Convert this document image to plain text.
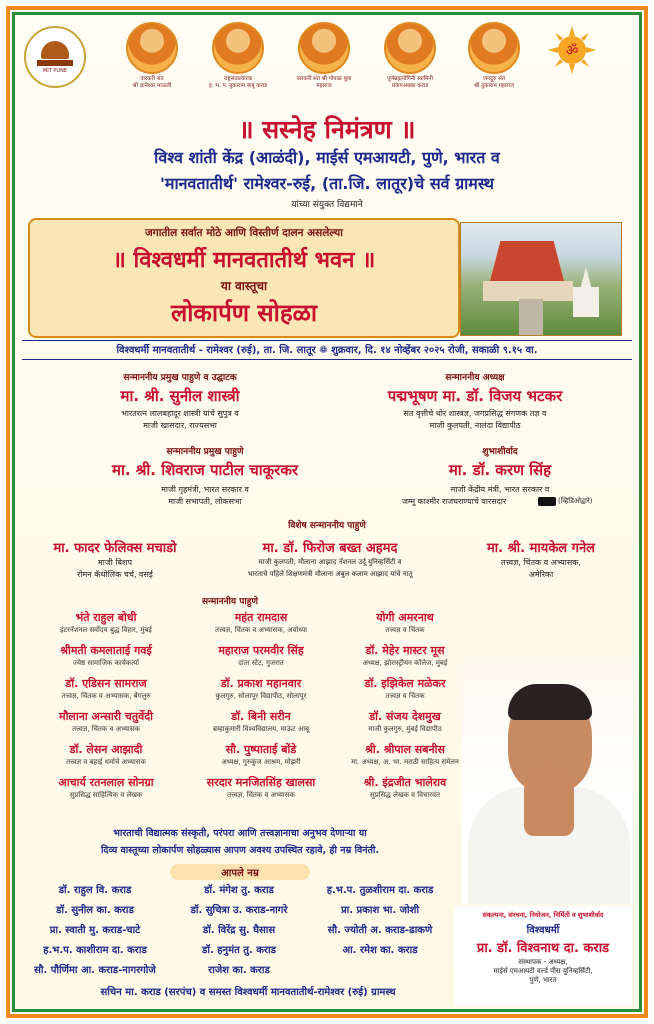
MIT PUNE
वारकरी संत
श्री ज्ञानेश्वर माऊली
राष्ट्रसंतप्रचारक
ह. भ. प. तुकाराम बाबू कराड
वारकरी संत श्री गोपाळ बुवा
महाराज
पूर्णब्रह्मयोगिनी स्वामिनी
प्रयागअक्का कराड
जगद्गुरु संत
श्री तुकाराम महाराज
ॐ
॥ सस्नेह निमंत्रण ॥
विश्व शांती केंद्र (आळंदी), माईर्स एमआयटी, पुणे, भारत व
'मानवतातीर्थ' रामेश्वर-रुई, (ता.जि. लातूर)चे सर्व ग्रामस्थ
यांच्या संयुक्त विद्यमाने
जगातील सर्वात मोठे आणि विस्तीर्ण दालन असलेल्या
॥ विश्वधर्मी मानवतातीर्थ भवन ॥
या वास्तूचा
लोकार्पण सोहळा
विश्वधर्मी मानवतातीर्थ - रामेश्वर (रुई), ता. जि. लातूर ❁ शुक्रवार, दि. १४ नोव्हेंबर २०२५ रोजी, सकाळी ९.१५ वा.
सन्माननीय प्रमुख पाहुणे व उद्घाटक
मा. श्री. सुनील शास्त्री
भारतरत्न लालबहादूर शास्त्री यांचे सुपुत्र व
माजी खासदार, राज्यसभा
सन्माननीय अध्यक्ष
पद्मभूषण मा. डॉ. विजय भटकर
संत वृत्तीचे थोर शास्त्रज्ञ, जगप्रसिद्ध संगणक तज्ञ व
माजी कुलपती, नालंदा विद्यापीठ
सन्माननीय प्रमुख पाहुणे
मा. श्री. शिवराज पाटील चाकूरकर
माजी गृहमंत्री, भारत सरकार व
माजी सभापती, लोकसभा
शुभाशीर्वाद
मा. डॉ. करण सिंह
माजी केंद्रीय मंत्री, भारत सरकार व
जम्मू काश्मीर राजघराण्याचे वारसदार	(व्हिडिओद्वारे)
विशेष सन्माननीय पाहुणे
मा. फादर फेलिक्स मचाडो
माजी बिशप
रोमन कॅथोलिक चर्च, वसई
मा. डॉ. फिरोज बख्त अहमद
माजी कुलपती, मौलाना आझाद नॅशनल उर्दू युनिव्हर्सिटी व
भारताचे पहिले शिक्षणमंत्री मौलाना अबुल कलाम आझाद यांचे नातू
मा. श्री. मायकेल गनेल
तत्त्वज्ञ, चिंतक व अभ्यासक,
अमेरिका
सन्माननीय पाहुणे
भंते राहुल बोधी
इंटरनॅशनल सर्वोदय बुद्ध विहार, मुंबई
महंत रामदास
तत्त्वज्ञ, चिंतक व अभ्यासक, अयोध्या
योगी अमरनाथ
तत्त्वज्ञ व चिंतक
श्रीमती कमलाताई गवई
ज्येष्ठ सामाजिक कार्यकर्त्या
महाराज परमवीर सिंह
दांता स्टेट, गुजरात
डॉ. मेहेर मास्टर मूस
अध्यक्ष, झोरास्ट्रीयन कॉलेज, मुंबई
डॉ. एडिसन सामराज
तत्त्वज्ञ, चिंतक व अभ्यासक, बेंगलुरु
डॉ. प्रकाश महानवार
कुलगुरु, सोलापूर विद्यापीठ, सोलापूर
डॉ. इझिकेल मळेकर
तत्त्वज्ञ व चिंतक
मौलाना अन्सारी चतुर्वेदी
तत्त्वज्ञ, चिंतक व अभ्यासक
डॉ. बिनी सरीन
ब्रम्हाकुमारी विश्वविद्यालय, माऊंट आबू
डॉ. संजय देशमुख
माजी कुलगुरु, मुंबई विद्यापीठ
डॉ. लेसन आझादी
तत्त्वज्ञ व बहाई धर्माचे अभ्यासक
सौ. पुष्पाताई बोंडे
अध्यक्ष, गुरुकुंज आश्रम, मोझरी
श्री. श्रीपाल सबनीस
मा. अध्यक्ष, अ. भा. मराठी साहित्य संमेलन
आचार्य रतनलाल सोनग्रा
सुप्रसिद्ध साहित्यिक व लेखक
सरदार मनजितसिंह खालसा
तत्त्वज्ञ, चिंतक व अभ्यासक
श्री. इंद्रजीत भालेराव
सुप्रसिद्ध लेखक व विचारवंत
भारताची विद्यात्मक संस्कृती, परंपरा आणि तत्त्वज्ञानाचा अनुभव देणाऱ्या या
दिव्य वास्तूच्या लोकार्पण सोहळ्यास आपण अवश्य उपस्थित रहावे, ही नम्र विनंती.
आपले नम्र
डॉ. राहुल वि. कराड	डॉ. मंगेश तु. कराड	ह.भ.प. तुळशीराम दा. कराड
डॉ. सुनील का. कराड	डॉ. सुचित्रा उ. कराड-नागरे	प्रा. प्रकाश भा. जोशी
प्रा. स्वाती मु. कराड-चाटे	डॉ. विरेंद्र सु. घैसास	सौ. ज्योती अ. कराड-ढाकणे
ह.भ.प. काशीराम दा. कराड	डॉ. हनुमंत तु. कराड	आ. रमेश का. कराड
सौ. पौर्णिमा आ. कराड-नागरगोजे	राजेश का. कराड
सचिन मा. कराड (सरपंच) व समस्त विश्वधर्मी मानवतातीर्थ-रामेश्वर (रुई) ग्रामस्थ
संकल्पना, संरचना, नियोजन, निर्मिती व शुभाशीर्वाद
विश्वधर्मी
प्रा. डॉ. विश्वनाथ दा. कराड
संस्थापक - अध्यक्ष,
माईर्स एमआयटी वर्ल्ड पीस युनिव्हर्सिटी,
पुणे, भारत
